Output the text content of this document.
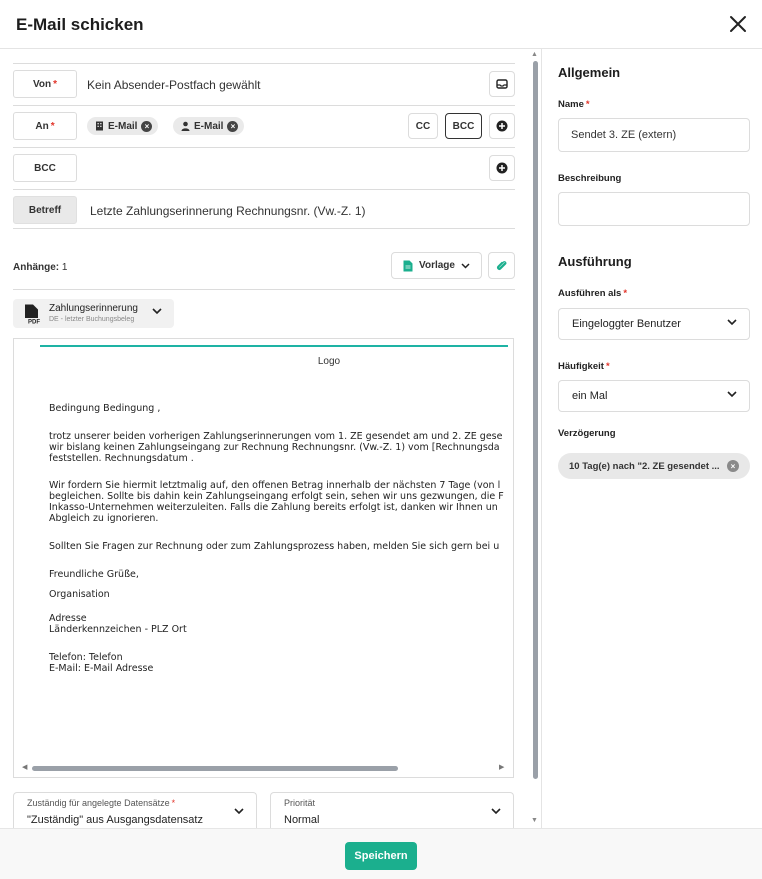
E-Mail schicken
Von * Kein Absender-Postfach gewählt
An *	E-Mail ×	E-Mail ×	CC	BCC
BCC
Betreff	Letzte Zahlungserinnerung Rechnungsnr. (Vw.-Z. 1)
Anhänge: 1	Vorlage
PDF
Zahlungserinnerung
DE - letzter Buchungsbeleg
Logo

Bedingung Bedingung ,

trotz unserer beiden vorherigen Zahlungserinnerungen vom 1. ZE gesendet am und 2. ZE gese

wir bislang keinen Zahlungseingang zur Rechnung Rechnungsnr. (Vw.-Z. 1) vom [Rechnungsda

feststellen. Rechnungsdatum .

Wir fordern Sie hiermit letztmalig auf, den offenen Betrag innerhalb der nächsten 7 Tage (von l

begleichen. Sollte bis dahin kein Zahlungseingang erfolgt sein, sehen wir uns gezwungen, die F

Inkasso-Unternehmen weiterzuleiten. Falls die Zahlung bereits erfolgt ist, danken wir Ihnen un

Abgleich zu ignorieren.

Sollten Sie Fragen zur Rechnung oder zum Zahlungsprozess haben, melden Sie sich gern bei u

Freundliche Grüße,

Organisation

Adresse

Länderkennzeichen - PLZ Ort

Telefon: Telefon

E-Mail: E-Mail Adresse

◀	▶
Zuständig für angelegte Datensätze *
"Zuständig" aus Ausgangsdatensatz
Priorität
Normal
▲
▼
Allgemein
Name *
Sendet 3. ZE (extern)
Beschreibung
Ausführung
Ausführen als *
Eingeloggter Benutzer
Häufigkeit *
ein Mal
Verzögerung
10 Tag(e) nach "2. ZE gesendet ...	×
Speichern
